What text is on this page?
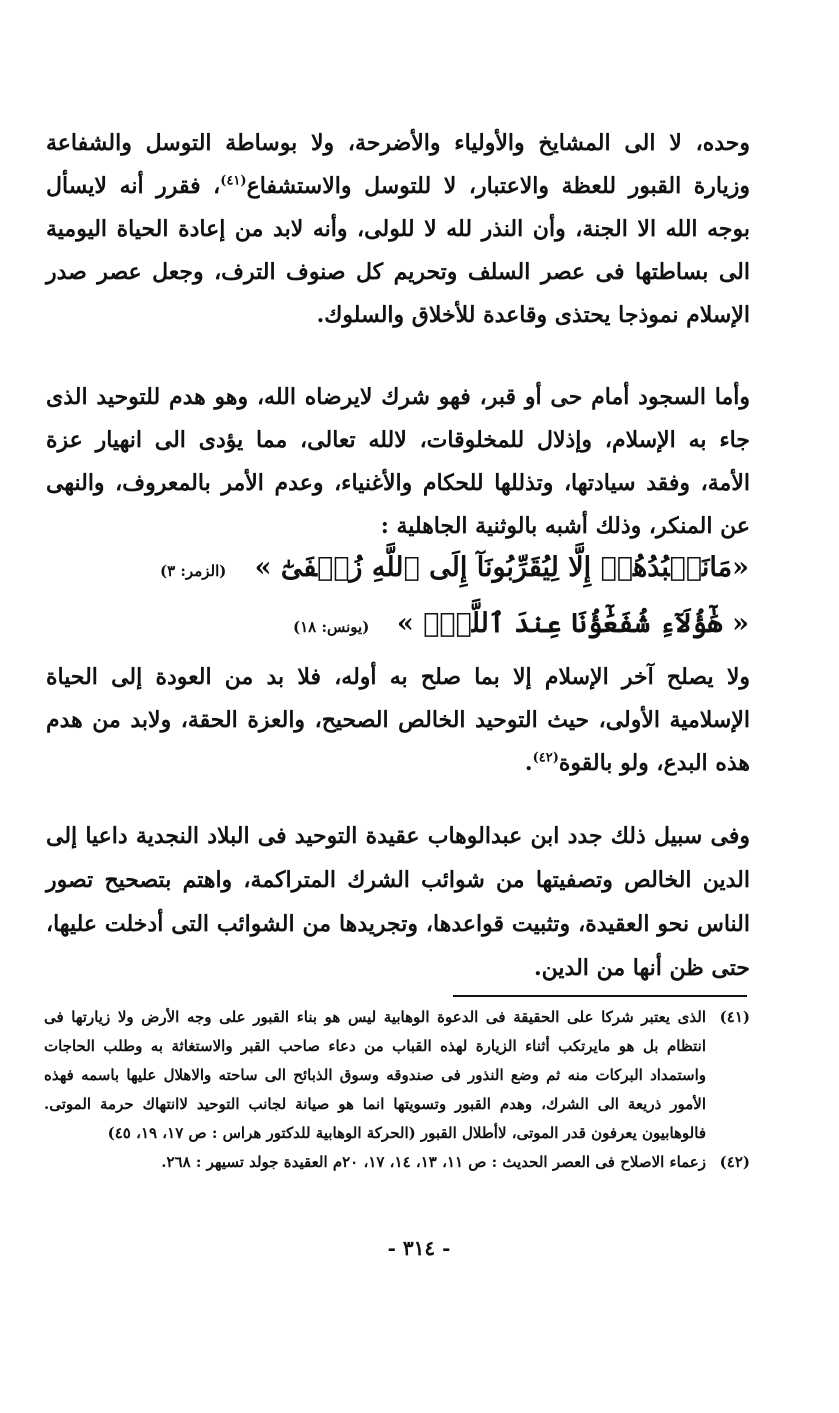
وحده، لا الى المشايخ والأولياء والأضرحة، ولا بوساطة التوسل والشفاعة وزيارة القبور للعظة والاعتبار، لا للتوسل والاستشفاع$^{(٤١)}$، فقرر أنه لايسأل بوجه الله الا الجنة، وأن النذر لله لا للولى، وأنه لابد من إعادة الحياة اليومية الى بساطتها فى عصر السلف وتحريم كل صنوف الترف، وجعل عصر صدر الإسلام نموذجا يحتذى وقاعدة للأخلاق والسلوك.

وأما السجود أمام حى أو قبر، فهو شرك لايرضاه الله، وهو هدم للتوحيد الذى جاء به الإسلام، وإذلال للمخلوقات، لالله تعالى، مما يؤدى الى انهيار عزة الأمة، وفقد سيادتها، وتذللها للحكام والأغنياء، وعدم الأمر بالمعروف، والنهى عن المنكر، وذلك أشبه بالوثنية الجاهلية :

«مَانَعۡبُدُهُمۡ إِلَّا لِيُقَرِّبُونَآ إِلَى ٱللَّهِ زُلۡفَىٰٓ »
(الزمر: ٣)
« هَٰٓؤُلَآءِ شُفَعَٰٓؤُنَا عِندَ ٱللَّهِۚ »
(يونس: ١٨)

ولا يصلح آخر الإسلام إلا بما صلح به أوله، فلا بد من العودة إلى الحياة الإسلامية الأولى، حيث التوحيد الخالص الصحيح، والعزة الحقة، ولابد من هدم هذه البدع، ولو بالقوة$^{(٤٢)}$.

وفى سبيل ذلك جدد ابن عبدالوهاب عقيدة التوحيد فى البلاد النجدية داعيا إلى الدين الخالص وتصفيتها من شوائب الشرك المتراكمة، واهتم بتصحيح تصور الناس نحو العقيدة، وتثبيت قواعدها، وتجريدها من الشوائب التى أدخلت عليها، حتى ظن أنها من الدين.

(٤١)
الذى يعتبر شركا على الحقيقة فى الدعوة الوهابية ليس هو بناء القبور على وجه الأرض ولا زيارتها فى انتظام بل هو مايرتكب أثناء الزيارة لهذه القباب من دعاء صاحب القبر والاستغاثة به وطلب الحاجات واستمداد البركات منه ثم وضع النذور فى صندوقه وسوق الذبائح الى ساحته والاهلال عليها باسمه فهذه الأمور ذريعة الى الشرك، وهدم القبور وتسويتها انما هو صيانة لجانب التوحيد لاانتهاك حرمة الموتى. فالوهابيون يعرفون قدر الموتى، لاأطلال القبور (الحركة الوهابية للدكتور هراس : ص ١٧، ١٩، ٤٥)
(٤٢)
زعماء الاصلاح فى العصر الحديث : ص ١١، ١٣، ١٤، ١٧، ٢٠م العقيدة جولد تسيهر : ٢٦٨.
- ٣١٤ -
